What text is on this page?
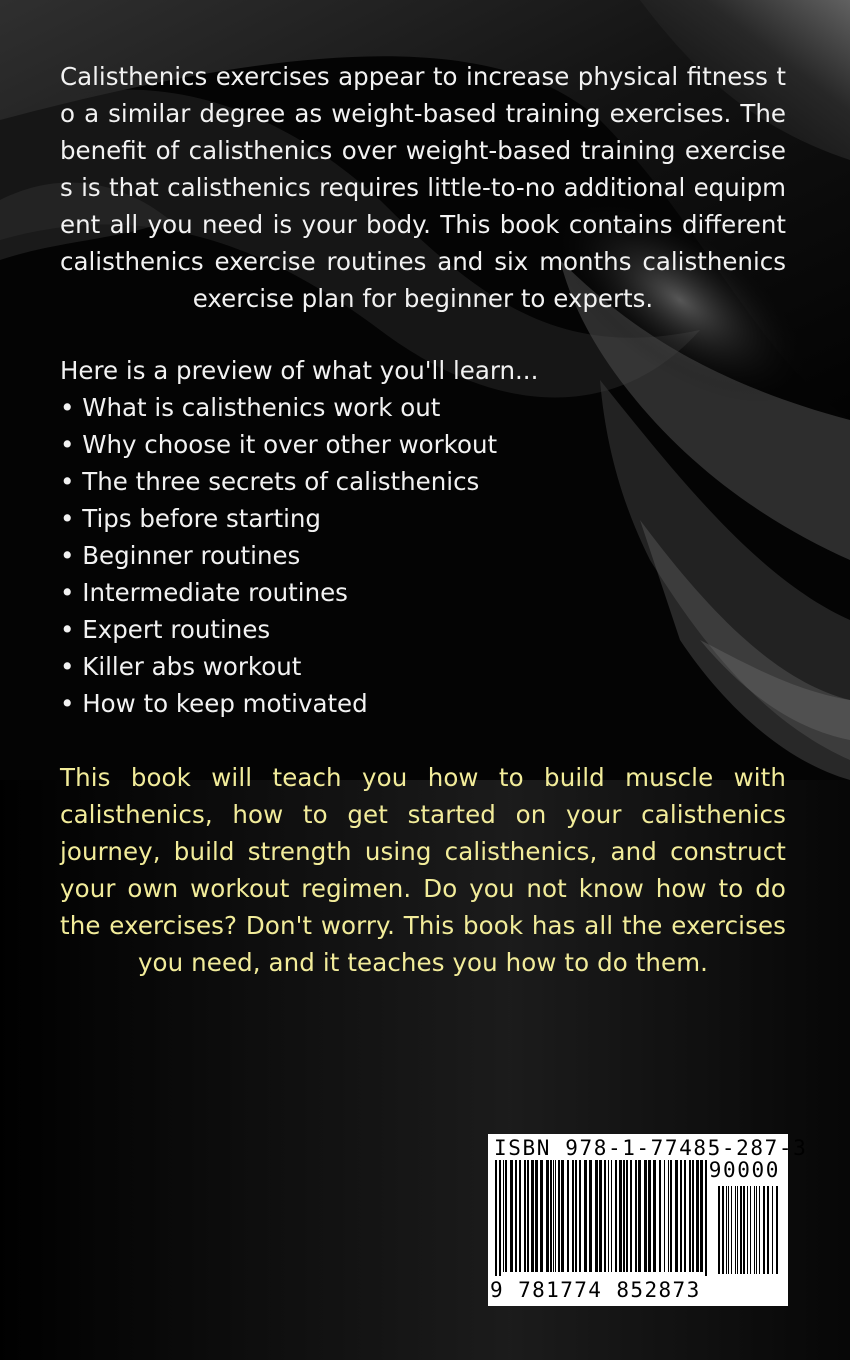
Calisthenics exercises appear to increase physical fitness to a similar degree as weight-based training exercises. The benefit of calisthenics over weight-based training exercises is that calisthenics requires little-to-no additional equipment all you need is your body. This book contains different calisthenics exercise routines and six months calisthenics exercise plan for beginner to experts.
Here is a preview of what you'll learn...
• What is calisthenics work out
• Why choose it over other workout
• The three secrets of calisthenics
• Tips before starting
• Beginner routines
• Intermediate routines
• Expert routines
• Killer abs workout
• How to keep motivated
This book will teach you how to build muscle with calisthenics, how to get started on your calisthenics journey, build strength using calisthenics, and construct your own workout regimen. Do you not know how to do the exercises? Don't worry. This book has all the exercises you need, and it teaches you how to do them.
ISBN 978-1-77485-287-3
90000
9 781774 852873
